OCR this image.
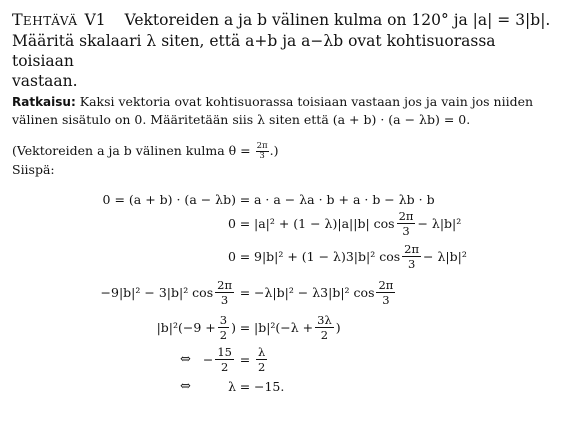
TEHTÄVÄ V1 Vektoreiden a ja b välinen kulma on 120° ja |a| = 3|b|.
Määritä skalaari λ siten, että a+b ja a−λb ovat kohtisuorassa toisiaan
vastaan.
Ratkaisu: Kaksi vektoria ovat kohtisuorassa toisiaan vastaan jos ja vain jos niiden
välinen sisätulo on 0. Määritetään siis λ siten että (a + b) · (a − λb) = 0.
(Vektoreiden a ja b välinen kulma $\theta = \frac{2\pi}{3}$ .)
Siispä:
0 = (a + b) · (a − λb) = a · a − λa · b + a · b − λb · b
0 = |a|² + (1 − λ)|a||b| $\cos \frac{2\pi}{3} - \lambda|b|^2$
0 = 9|b|² + (1 − λ)3|b|² $\cos \frac{2\pi}{3} - \lambda|b|^2$
−9|b|² − 3|b|² $\cos \frac{2\pi}{3} = -\lambda|b|^2 - \lambda 3|b|^2$ $\cos \frac{2\pi}{3}$
$|b|^2(-9 + \frac{3}{2}$ ) = $|b|^2(-\lambda + \frac{3\lambda}{2}$ )
⇔ − $\frac{15}{2} = \frac{\lambda}{2}$
⇔	λ = −15.
